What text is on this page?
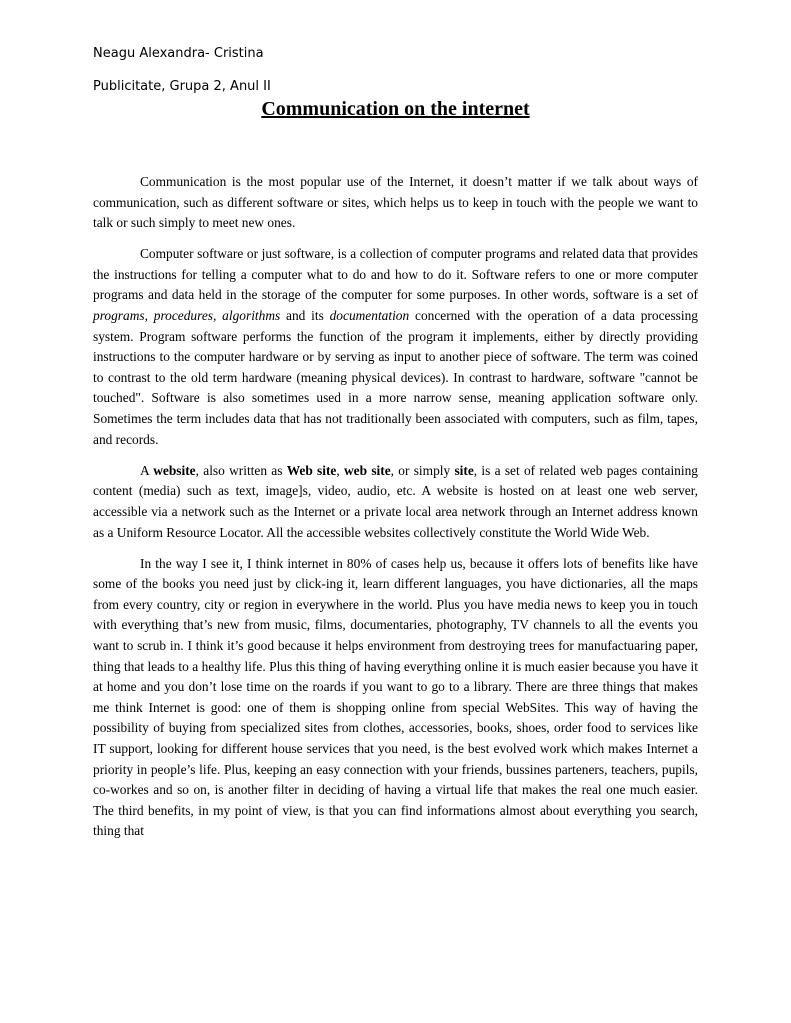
Neagu Alexandra- Cristina
Publicitate, Grupa 2, Anul II
Communication on the internet

Communication is the most popular use of the Internet, it doesn’t matter if we talk about ways of communication, such as different software or sites, which helps us to keep in touch with the people we want to talk or such simply to meet new ones.

Computer software or just software, is a collection of computer programs and related data that provides the instructions for telling a computer what to do and how to do it. Software refers to one or more computer programs and data held in the storage of the computer for some purposes. In other words, software is a set of programs, procedures, algorithms and its documentation concerned with the operation of a data processing system. Program software performs the function of the program it implements, either by directly providing instructions to the computer hardware or by serving as input to another piece of software. The term was coined to contrast to the old term hardware (meaning physical devices). In contrast to hardware, software "cannot be touched". Software is also sometimes used in a more narrow sense, meaning application software only. Sometimes the term includes data that has not traditionally been associated with computers, such as film, tapes, and records.

A website, also written as Web site, web site, or simply site, is a set of related web pages containing content (media) such as text, image]s, video, audio, etc. A website is hosted on at least one web server, accessible via a network such as the Internet or a private local area network through an Internet address known as a Uniform Resource Locator. All the accessible websites collectively constitute the World Wide Web.

In the way I see it, I think internet in 80% of cases help us, because it offers lots of benefits like have some of the books you need just by click-ing it, learn different languages, you have dictionaries, all the maps from every country, city or region in everywhere in the world. Plus you have media news to keep you in touch with everything that’s new from music, films, documentaries, photography, TV channels to all the events you want to scrub in. I think it’s good because it helps environment from destroying trees for manufactuaring paper, thing that leads to a healthy life. Plus this thing of having everything online it is much easier because you have it at home and you don’t lose time on the roards if you want to go to a library. There are three things that makes me think Internet is good: one of them is shopping online from special WebSites. This way of having the possibility of buying from specialized sites from clothes, accessories, books, shoes, order food to services like IT support, looking for different house services that you need, is the best evolved work which makes Internet a priority in people’s life. Plus, keeping an easy connection with your friends, bussines parteners, teachers, pupils, co-workes and so on, is another filter in deciding of having a virtual life that makes the real one much easier. The third benefits, in my point of view, is that you can find informations almost about everything you search, thing that
